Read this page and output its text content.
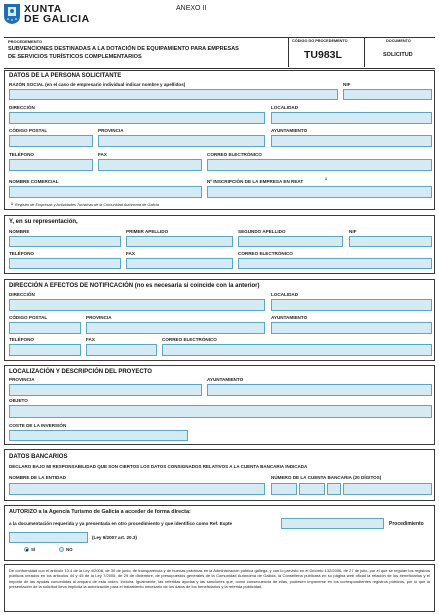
XUNTA
DE GALICIA
ANEXO II
PROCEDEMENTO
SUBVENCIONES DESTINADAS A LA DOTACIÓN DE EQUIPAMIENTO PARA EMPRESAS
DE SERVICIOS TURÍSTICOS COMPLEMENTARIOS
CÓDIGO DO PROCEDEMENTO
TU983L
DOCUMENTO
SOLICITUD
DATOS DE LA PERSONA SOLICITANTE
RAZÓN SOCIAL (en el caso de empresario individual indicar nombre y apellidos)	NIF
DIRECCIÓN	LOCALIDAD
CÓDIGO POSTAL	PROVINCIA	AYUNTAMIENTO
TELÉFONO	FAX	CORREO ELECTRÓNICO
NOMBRE COMERCIAL	Nº INSCRIPCIÓN DE LA EMPRESA EN REAT	1
1 Registro de Empresas y Actividades Turísticas de la Comunidad Autónoma de Galicia
Y, en su representación,
NOMBRE	PRIMER APELLIDO	SEGUNDO APELLIDO	NIF
TELÉFONO	FAX	CORREO ELECTRÓNICO
DIRECCIÓN A EFECTOS DE NOTIFICACIÓN (no es necesaria si coincide con la anterior)
DIRECCIÓN	LOCALIDAD
CÓDIGO POSTAL	PROVINCIA	AYUNTAMIENTO
TELÉFONO	FAX	CORREO ELECTRÓNICO
LOCALIZACIÓN Y DESCRIPCIÓN DEL PROYECTO
PROVINCIA	AYUNTAMIENTO
OBJETO
COSTE DE LA INVERSIÓN
DATOS BANCARIOS
DECLARO BAJO MI RESPONSABILIDAD QUE SON CIERTOS LOS DATOS CONSIGNADOS RELATIVOS A LA CUENTA BANCARIA INDICADA
NOMBRE DE LA ENTIDAD	NÚMERO DE LA CUENTA BANCARIA (20 DÍGITOS)
AUTORIZO a la Agencia Turismo de Galicia a acceder de forma directa:
a la documentación requerida y ya presentada en otro procedimiento y que identifico como Ref. Expte	Procedimiento
(Ley 9/2007 art. 20.3)
SÍ	NO
De conformidad con el artículo 13.4 de la Ley 4/2006, de 30 de junio, de transparencia y de buenas prácticas en la Administración pública gallega, y con lo previsto en el Decreto 132/2006, de 27 de julio, por el que se regulan los registros públicos creados en los artículos 44 y 45 de la Ley 7/2005, de 29 de diciembre, de presupuestos generales de la Comunidad Autónoma de Galicia, la Consellería publicará en su página web oficial la relación de los beneficiarios y el importe de las ayudas concedidas al amparo de esta orden. Incluirá, igualmente, las referidas ayudas y las sanciones que, como consecuencia de ellas, pudiesen imponerse en los correspondientes registros públicos, por lo que la presentación de la solicitud lleva implícita la autorización para el tratamiento necesario de los datos de los beneficiarios y la referida publicidad.
